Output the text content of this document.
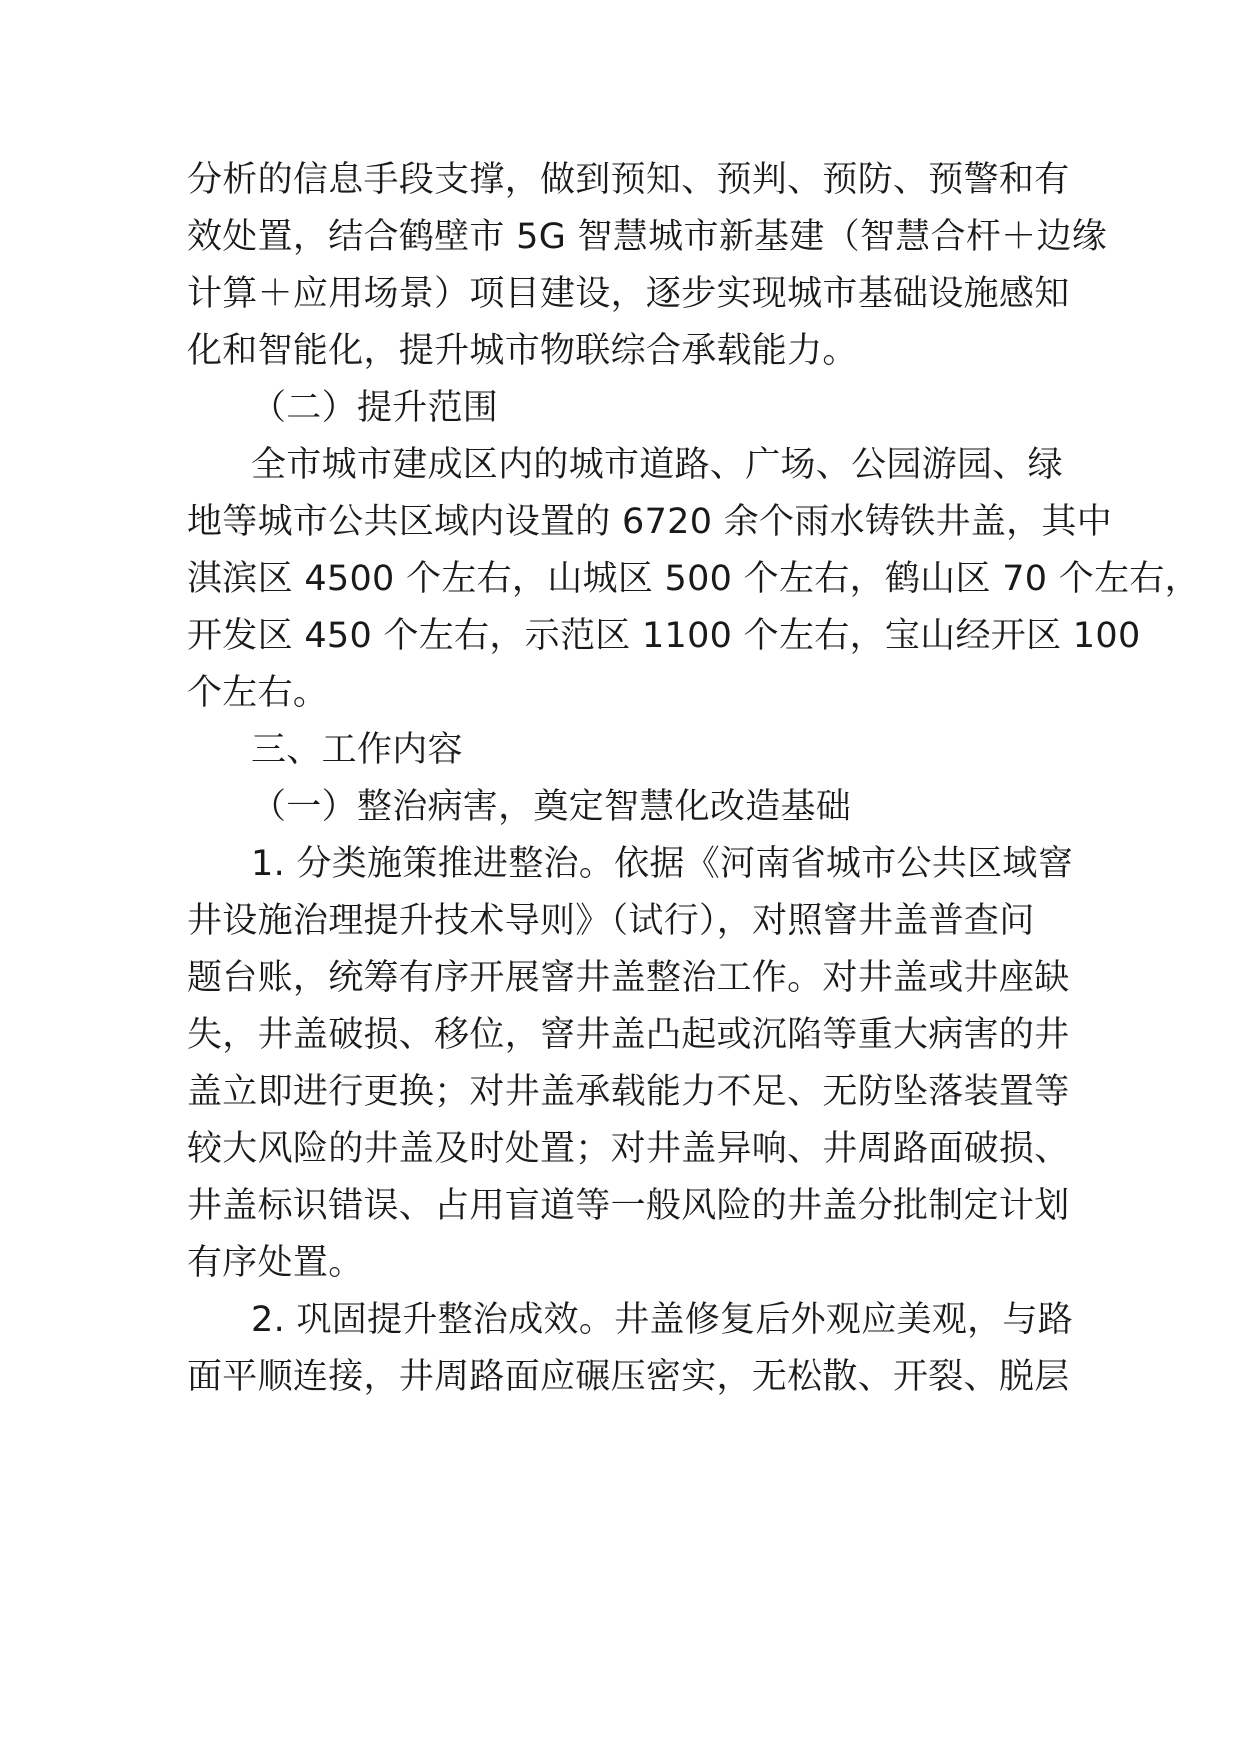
分析的信息手段支撑，做到预知、预判、预防、预警和有
效处置，结合鹤壁市 5G 智慧城市新基建（智慧合杆＋边缘
计算＋应用场景）项目建设，逐步实现城市基础设施感知
化和智能化，提升城市物联综合承载能力。
（二）提升范围
全市城市建成区内的城市道路、广场、公园游园、绿
地等城市公共区域内设置的 6720 余个雨水铸铁井盖，其中
淇滨区 4500 个左右，山城区 500 个左右，鹤山区 70 个左右，
开发区 450 个左右，示范区 1100 个左右，宝山经开区 100
个左右。
三、工作内容
（一）整治病害，奠定智慧化改造基础
1. 分类施策推进整治。依据《河南省城市公共区域窨
井设施治理提升技术导则》（试行），对照窨井盖普查问
题台账，统筹有序开展窨井盖整治工作。对井盖或井座缺
失，井盖破损、移位，窨井盖凸起或沉陷等重大病害的井
盖立即进行更换；对井盖承载能力不足、无防坠落装置等
较大风险的井盖及时处置；对井盖异响、井周路面破损、
井盖标识错误、占用盲道等一般风险的井盖分批制定计划
有序处置。
2. 巩固提升整治成效。井盖修复后外观应美观，与路
面平顺连接，井周路面应碾压密实，无松散、开裂、脱层
